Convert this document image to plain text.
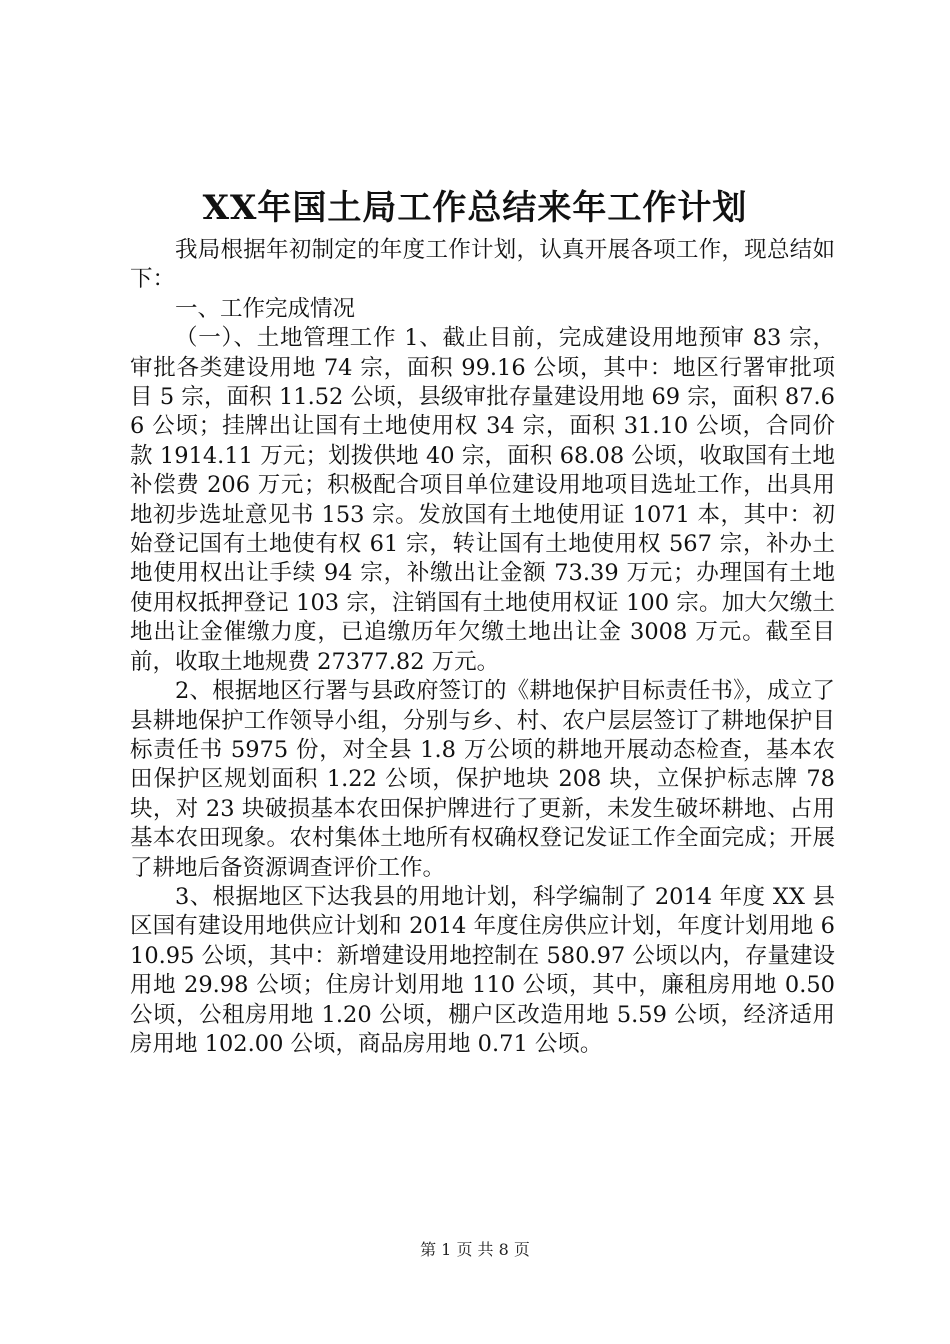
XX年国土局工作总结来年工作计划

我局根据年初制定的年度工作计划，认真开展各项工作，现总结如下：

一、工作完成情况

（一）、土地管理工作 1、截止目前，完成建设用地预审 83 宗，审批各类建设用地 74 宗，面积 99.16 公顷，其中：地区行署审批项目 5 宗，面积 11.52 公顷，县级审批存量建设用地 69 宗，面积 87.66 公顷；挂牌出让国有土地使用权 34 宗，面积 31.10 公顷，合同价款 1914.11 万元；划拨供地 40 宗，面积 68.08 公顷，收取国有土地补偿费 206 万元；积极配合项目单位建设用地项目选址工作，出具用地初步选址意见书 153 宗。发放国有土地使用证 1071 本，其中：初始登记国有土地使有权 61 宗，转让国有土地使用权 567 宗，补办土地使用权出让手续 94 宗，补缴出让金额 73.39 万元；办理国有土地使用权抵押登记 103 宗，注销国有土地使用权证 100 宗。加大欠缴土地出让金催缴力度，已追缴历年欠缴土地出让金 3008 万元。截至目前，收取土地规费 27377.82 万元。

2、根据地区行署与县政府签订的《耕地保护目标责任书》，成立了县耕地保护工作领导小组，分别与乡、村、农户层层签订了耕地保护目标责任书 5975 份，对全县 1.8 万公顷的耕地开展动态检查，基本农田保护区规划面积 1.22 公顷，保护地块 208 块，立保护标志牌 78 块，对 23 块破损基本农田保护牌进行了更新，未发生破坏耕地、占用基本农田现象。农村集体土地所有权确权登记发证工作全面完成；开展了耕地后备资源调查评价工作。

3、根据地区下达我县的用地计划，科学编制了 2014 年度 XX 县区国有建设用地供应计划和 2014 年度住房供应计划，年度计划用地 610.95 公顷，其中：新增建设用地控制在 580.97 公顷以内，存量建设用地 29.98 公顷；住房计划用地 110 公顷，其中，廉租房用地 0.50 公顷，公租房用地 1.20 公顷，棚户区改造用地 5.59 公顷，经济适用房用地 102.00 公顷，商品房用地 0.71 公顷。

第 1 页 共 8 页
